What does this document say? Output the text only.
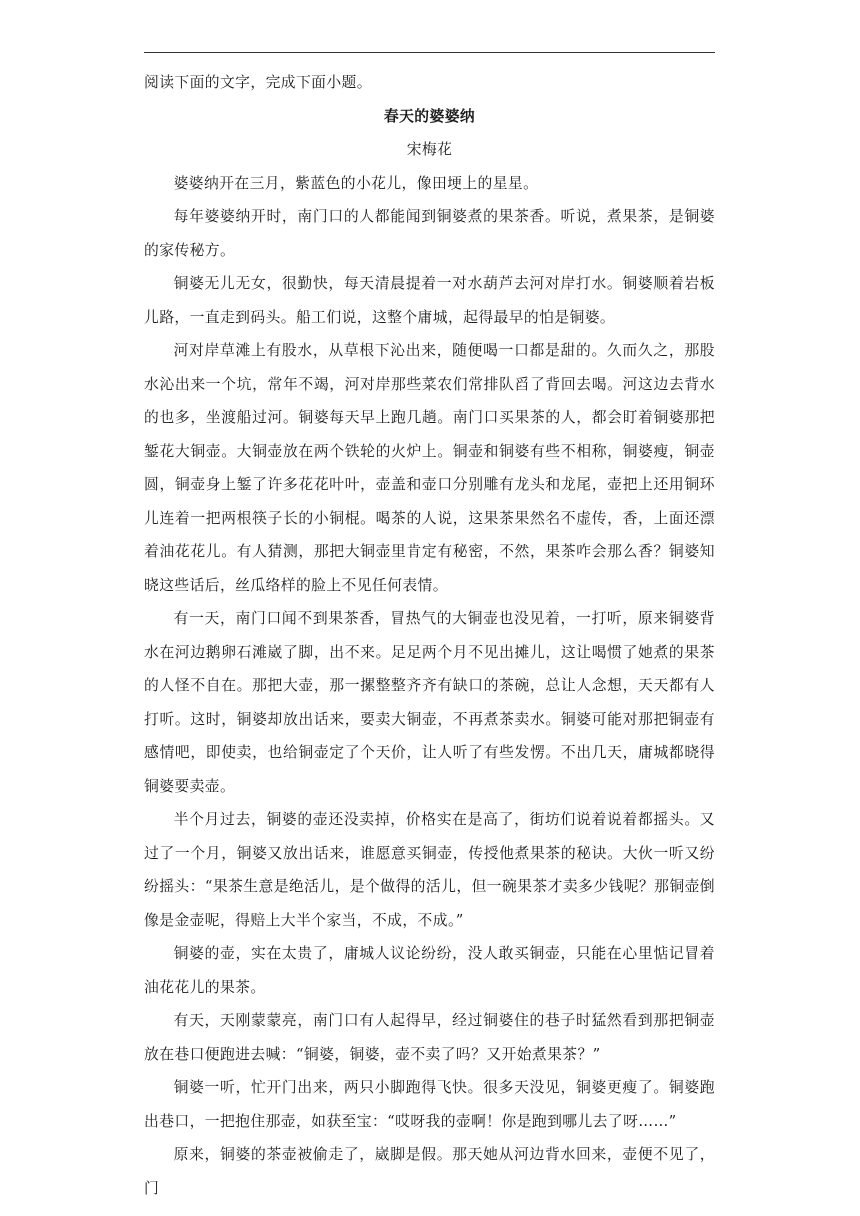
阅读下面的文字，完成下面小题。

春天的婆婆纳

宋梅花

婆婆纳开在三月，紫蓝色的小花儿，像田埂上的星星。

每年婆婆纳开时，南门口的人都能闻到铜婆煮的果茶香。听说，煮果茶，是铜婆的家传秘方。

铜婆无儿无女，很勤快，每天清晨提着一对水葫芦去河对岸打水。铜婆顺着岩板儿路，一直走到码头。船工们说，这整个庸城，起得最早的怕是铜婆。

河对岸草滩上有股水，从草根下沁出来，随便喝一口都是甜的。久而久之，那股水沁出来一个坑，常年不竭，河对岸那些菜农们常排队舀了背回去喝。河这边去背水的也多，坐渡船过河。铜婆每天早上跑几趟。南门口买果茶的人，都会盯着铜婆那把錾花大铜壶。大铜壶放在两个铁轮的火炉上。铜壶和铜婆有些不相称，铜婆瘦，铜壶圆，铜壶身上錾了许多花花叶叶，壶盖和壶口分别雕有龙头和龙尾，壶把上还用铜环儿连着一把两根筷子长的小铜棍。喝茶的人说，这果茶果然名不虚传，香，上面还漂着油花花儿。有人猜测，那把大铜壶里肯定有秘密，不然，果茶咋会那么香？铜婆知晓这些话后，丝瓜络样的脸上不见任何表情。

有一天，南门口闻不到果茶香，冒热气的大铜壶也没见着，一打听，原来铜婆背水在河边鹅卵石滩崴了脚，出不来。足足两个月不见出摊儿，这让喝惯了她煮的果茶的人怪不自在。那把大壶，那一摞整整齐齐有缺口的茶碗，总让人念想，天天都有人打听。这时，铜婆却放出话来，要卖大铜壶，不再煮茶卖水。铜婆可能对那把铜壶有感情吧，即使卖，也给铜壶定了个天价，让人听了有些发愣。不出几天，庸城都晓得铜婆要卖壶。

半个月过去，铜婆的壶还没卖掉，价格实在是高了，街坊们说着说着都摇头。又过了一个月，铜婆又放出话来，谁愿意买铜壶，传授他煮果茶的秘诀。大伙一听又纷纷摇头：“果茶生意是绝活儿，是个做得的活儿，但一碗果茶才卖多少钱呢？那铜壶倒像是金壶呢，得赔上大半个家当，不成，不成。”

铜婆的壶，实在太贵了，庸城人议论纷纷，没人敢买铜壶，只能在心里惦记冒着油花花儿的果茶。

有天，天刚蒙蒙亮，南门口有人起得早，经过铜婆住的巷子时猛然看到那把铜壶放在巷口便跑进去喊：“铜婆，铜婆，壶不卖了吗？又开始煮果茶？”

铜婆一听，忙开门出来，两只小脚跑得飞快。很多天没见，铜婆更瘦了。铜婆跑出巷口，一把抱住那壶，如获至宝：“哎呀我的壶啊！你是跑到哪儿去了呀……”

原来，铜婆的茶壶被偷走了，崴脚是假。那天她从河边背水回来，壶便不见了，门
